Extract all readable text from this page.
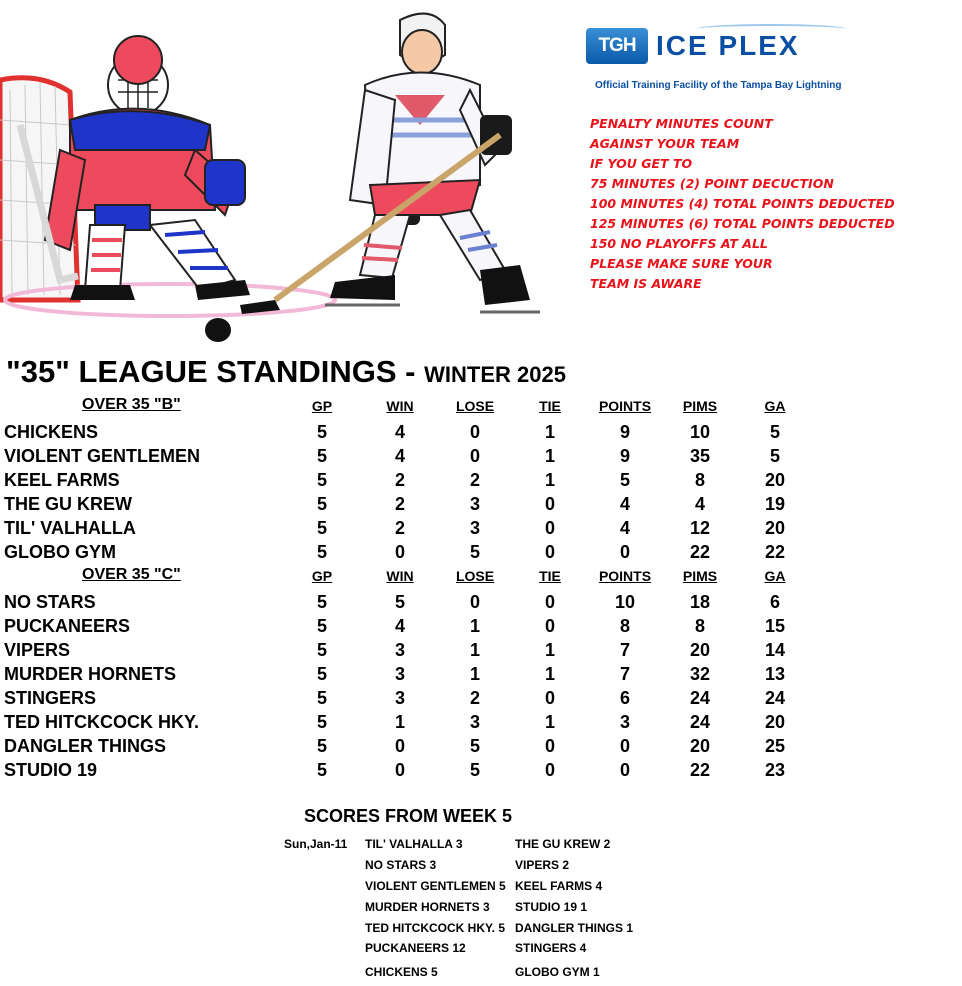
TGH ICE PLEX
Official Training Facility of the Tampa Bay Lightning
PENALTY MINUTES COUNT
AGAINST YOUR TEAM
IF YOU GET TO
75 MINUTES (2) POINT DECUCTION
100 MINUTES (4) TOTAL POINTS DEDUCTED
125 MINUTES (6) TOTAL POINTS DEDUCTED
150 NO PLAYOFFS AT ALL
PLEASE MAKE SURE YOUR
TEAM IS AWARE
"35" LEAGUE STANDINGS - WINTER 2025
OVER 35 "B"	GP	WIN	LOSE	TIE	POINTS PIMS	GA
CHICKENS	5	4	0	1	9	10	5
VIOLENT GENTLEMEN	5	4	0	1	9	35	5
KEEL FARMS	5	2	2	1	5	8	20
THE GU KREW	5	2	3	0	4	4	19
TIL' VALHALLA	5	2	3	0	4	12	20
GLOBO GYM	5	0	5	0	0	22	22
OVER 35 "C"	GP	WIN	LOSE	TIE	POINTS PIMS	GA
NO STARS	5	5	0	0	10	18	6
PUCKANEERS	5	4	1	0	8	8	15
VIPERS	5	3	1	1	7	20	14
MURDER HORNETS	5	3	1	1	7	32	13
STINGERS	5	3	2	0	6	24	24
TED HITCKCOCK HKY.	5	1	3	1	3	24	20
DANGLER THINGS	5	0	5	0	0	20	25
STUDIO 19	5	0	5	0	0	22	23
SCORES FROM WEEK 5
Sun,Jan-11 TIL' VALHALLA 3	THE GU KREW 2
NO STARS 3	VIPERS 2
VIOLENT GENTLEMEN 5 KEEL FARMS 4
MURDER HORNETS 3 STUDIO 19 1
TED HITCKCOCK HKY. 5 DANGLER THINGS 1
PUCKANEERS 12	STINGERS 4
CHICKENS 5	GLOBO GYM 1
